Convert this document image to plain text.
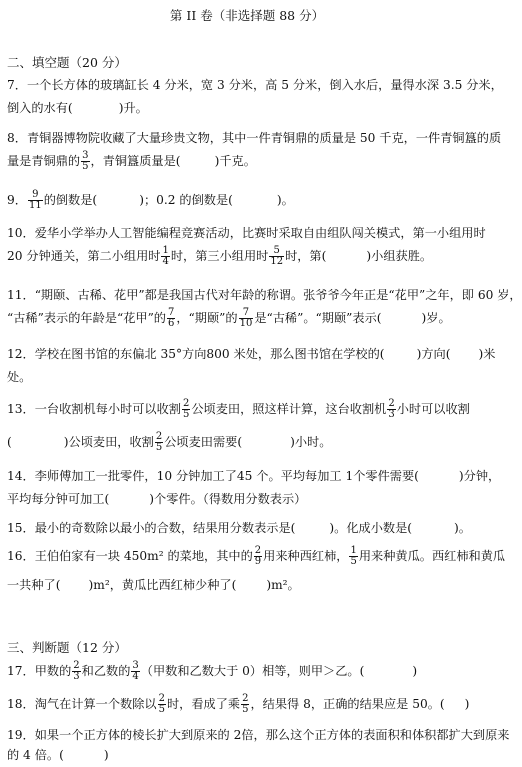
第 II 卷（非选择题 88 分）
二、填空题（20 分）
7．一个长方体的玻璃缸长 4 分米，宽 3 分米，高 5 分米，倒入水后，量得水深 3.5 分米，
倒入的水有(	)升。
8．青铜器博物院收藏了大量珍贵文物，其中一件青铜鼎的质量是 50 千克，一件青铜簋的质
量是青铜鼎的 $\frac{3}{5}$ ，青铜簋质量是(	)千克。
9． $\frac{9}{11}$ 的倒数是(	)；0.2 的倒数是(	)。
10．爱华小学举办人工智能编程竞赛活动，比赛时采取自由组队闯关模式，第一小组用时
20 分钟通关，第二小组用时 $\frac{1}{4}$ 时，第三小组用时 $\frac{5}{12}$ 时，第(	)小组获胜。
11．“期颐、古稀、花甲”都是我国古代对年龄的称谓。张爷爷今年正是“花甲”之年，即 60 岁，
“古稀”表示的年龄是“花甲”的 $\frac{7}{6}$ ，“期颐”的 $\frac{7}{10}$ 是“古稀”。“期颐”表示(	)岁。
12．学校在图书馆的东偏北 35°方向800 米处，那么图书馆在学校的(	)方向( )米
处。
13．一台收割机每小时可以收割 $\frac{2}{5}$ 公顷麦田，照这样计算，这台收割机 $\frac{2}{3}$ 小时可以收割
(	)公顷麦田，收割 $\frac{2}{5}$ 公顷麦田需要(	)小时。
14．李师傅加工一批零件，10 分钟加工了45 个。平均每加工 1个零件需要(	)分钟，
平均每分钟可加工(	)个零件。（得数用分数表示）
15．最小的奇数除以最小的合数，结果用分数表示是(	)。化成小数是(	)。
16．王伯伯家有一块 450m² 的菜地，其中的 $\frac{2}{9}$ 用来种西红柿， $\frac{1}{5}$ 用来种黄瓜。西红柿和黄瓜
一共种了( )m²，黄瓜比西红柿少种了( )m²。
三、判断题（12 分）
17．甲数的 $\frac{2}{3}$ 和乙数的 $\frac{3}{4}$ （甲数和乙数大于 0）相等，则甲＞乙。(	)
18．淘气在计算一个数除以 $\frac{2}{5}$ 时，看成了乘 $\frac{2}{5}$ ，结果得 8，正确的结果应是 50。( )
19．如果一个正方体的棱长扩大到原来的 2倍，那么这个正方体的表面积和体积都扩大到原来
的 4 倍。(	)
